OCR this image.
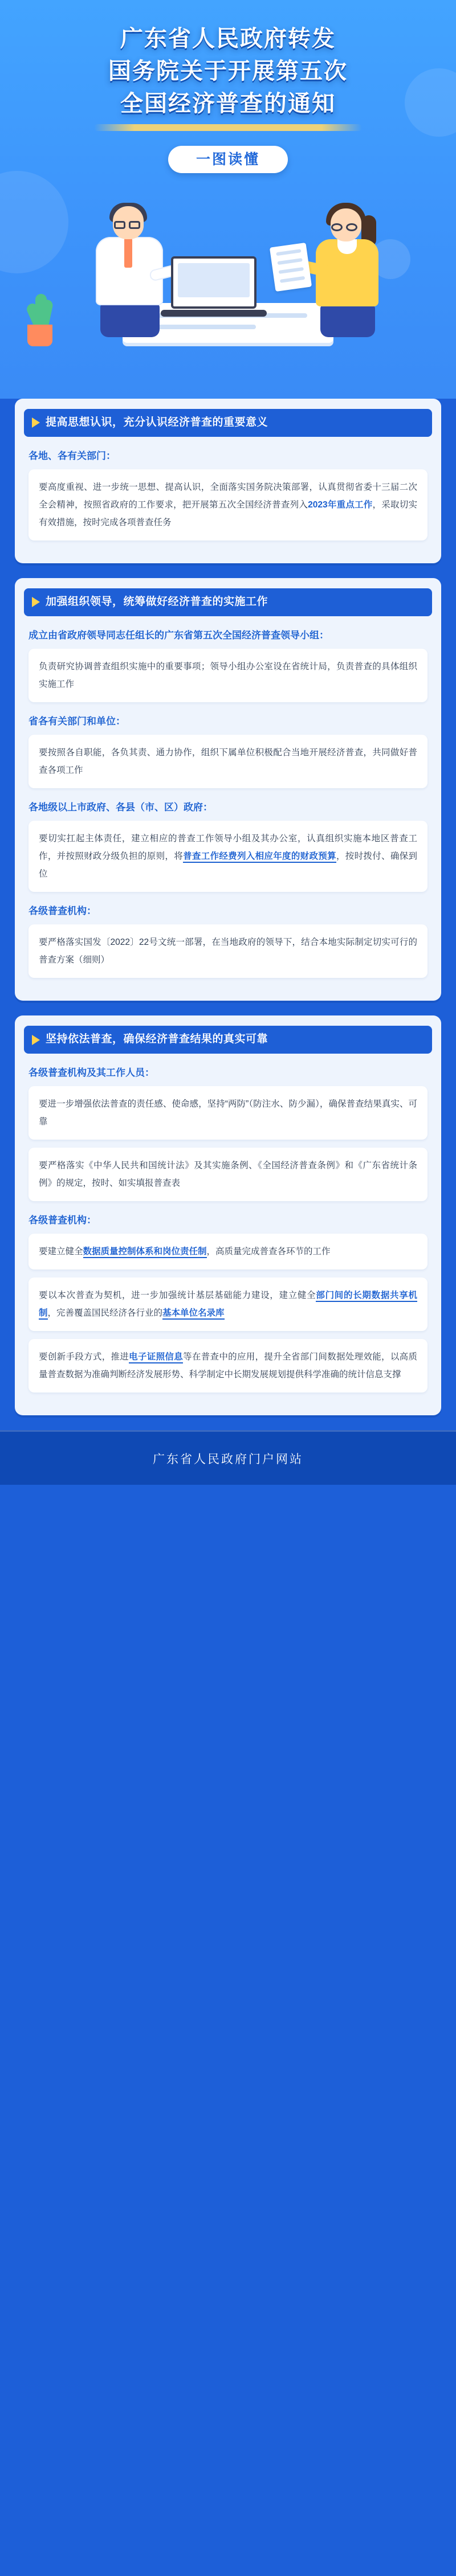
广东省人民政府转发
国务院关于开展第五次
全国经济普查的通知
一图读懂
提高思想认识，充分认识经济普查的重要意义
各地、各有关部门：

要高度重视、进一步统一思想、提高认识，全面落实国务院决策部署，认真贯彻省委十三届二次全会精神，按照省政府的工作要求，把开展第五次全国经济普查列入2023年重点工作，采取切实有效措施，按时完成各项普查任务

加强组织领导，统筹做好经济普查的实施工作
成立由省政府领导同志任组长的广东省第五次全国经济普查领导小组：

负责研究协调普查组织实施中的重要事项；领导小组办公室设在省统计局，负责普查的具体组织实施工作

省各有关部门和单位：

要按照各自职能，各负其责、通力协作，组织下属单位积极配合当地开展经济普查，共同做好普查各项工作

各地级以上市政府、各县（市、区）政府：

要切实扛起主体责任，建立相应的普查工作领导小组及其办公室，认真组织实施本地区普查工作，并按照财政分级负担的原则，将普查工作经费列入相应年度的财政预算，按时拨付、确保到位

各级普查机构：

要严格落实国发〔2022〕22号文统一部署，在当地政府的领导下，结合本地实际制定切实可行的普查方案（细则）

坚持依法普查，确保经济普查结果的真实可靠
各级普查机构及其工作人员：

要进一步增强依法普查的责任感、使命感，坚持“两防”（防注水、防少漏），确保普查结果真实、可靠

要严格落实《中华人民共和国统计法》及其实施条例、《全国经济普查条例》和《广东省统计条例》的规定，按时、如实填报普查表

各级普查机构：

要建立健全数据质量控制体系和岗位责任制，高质量完成普查各环节的工作

要以本次普查为契机，进一步加强统计基层基础能力建设，建立健全部门间的长期数据共享机制，完善覆盖国民经济各行业的基本单位名录库

要创新手段方式，推进电子证照信息等在普查中的应用，提升全省部门间数据处理效能，以高质量普查数据为准确判断经济发展形势、科学制定中长期发展规划提供科学准确的统计信息支撑

广东省人民政府门户网站
